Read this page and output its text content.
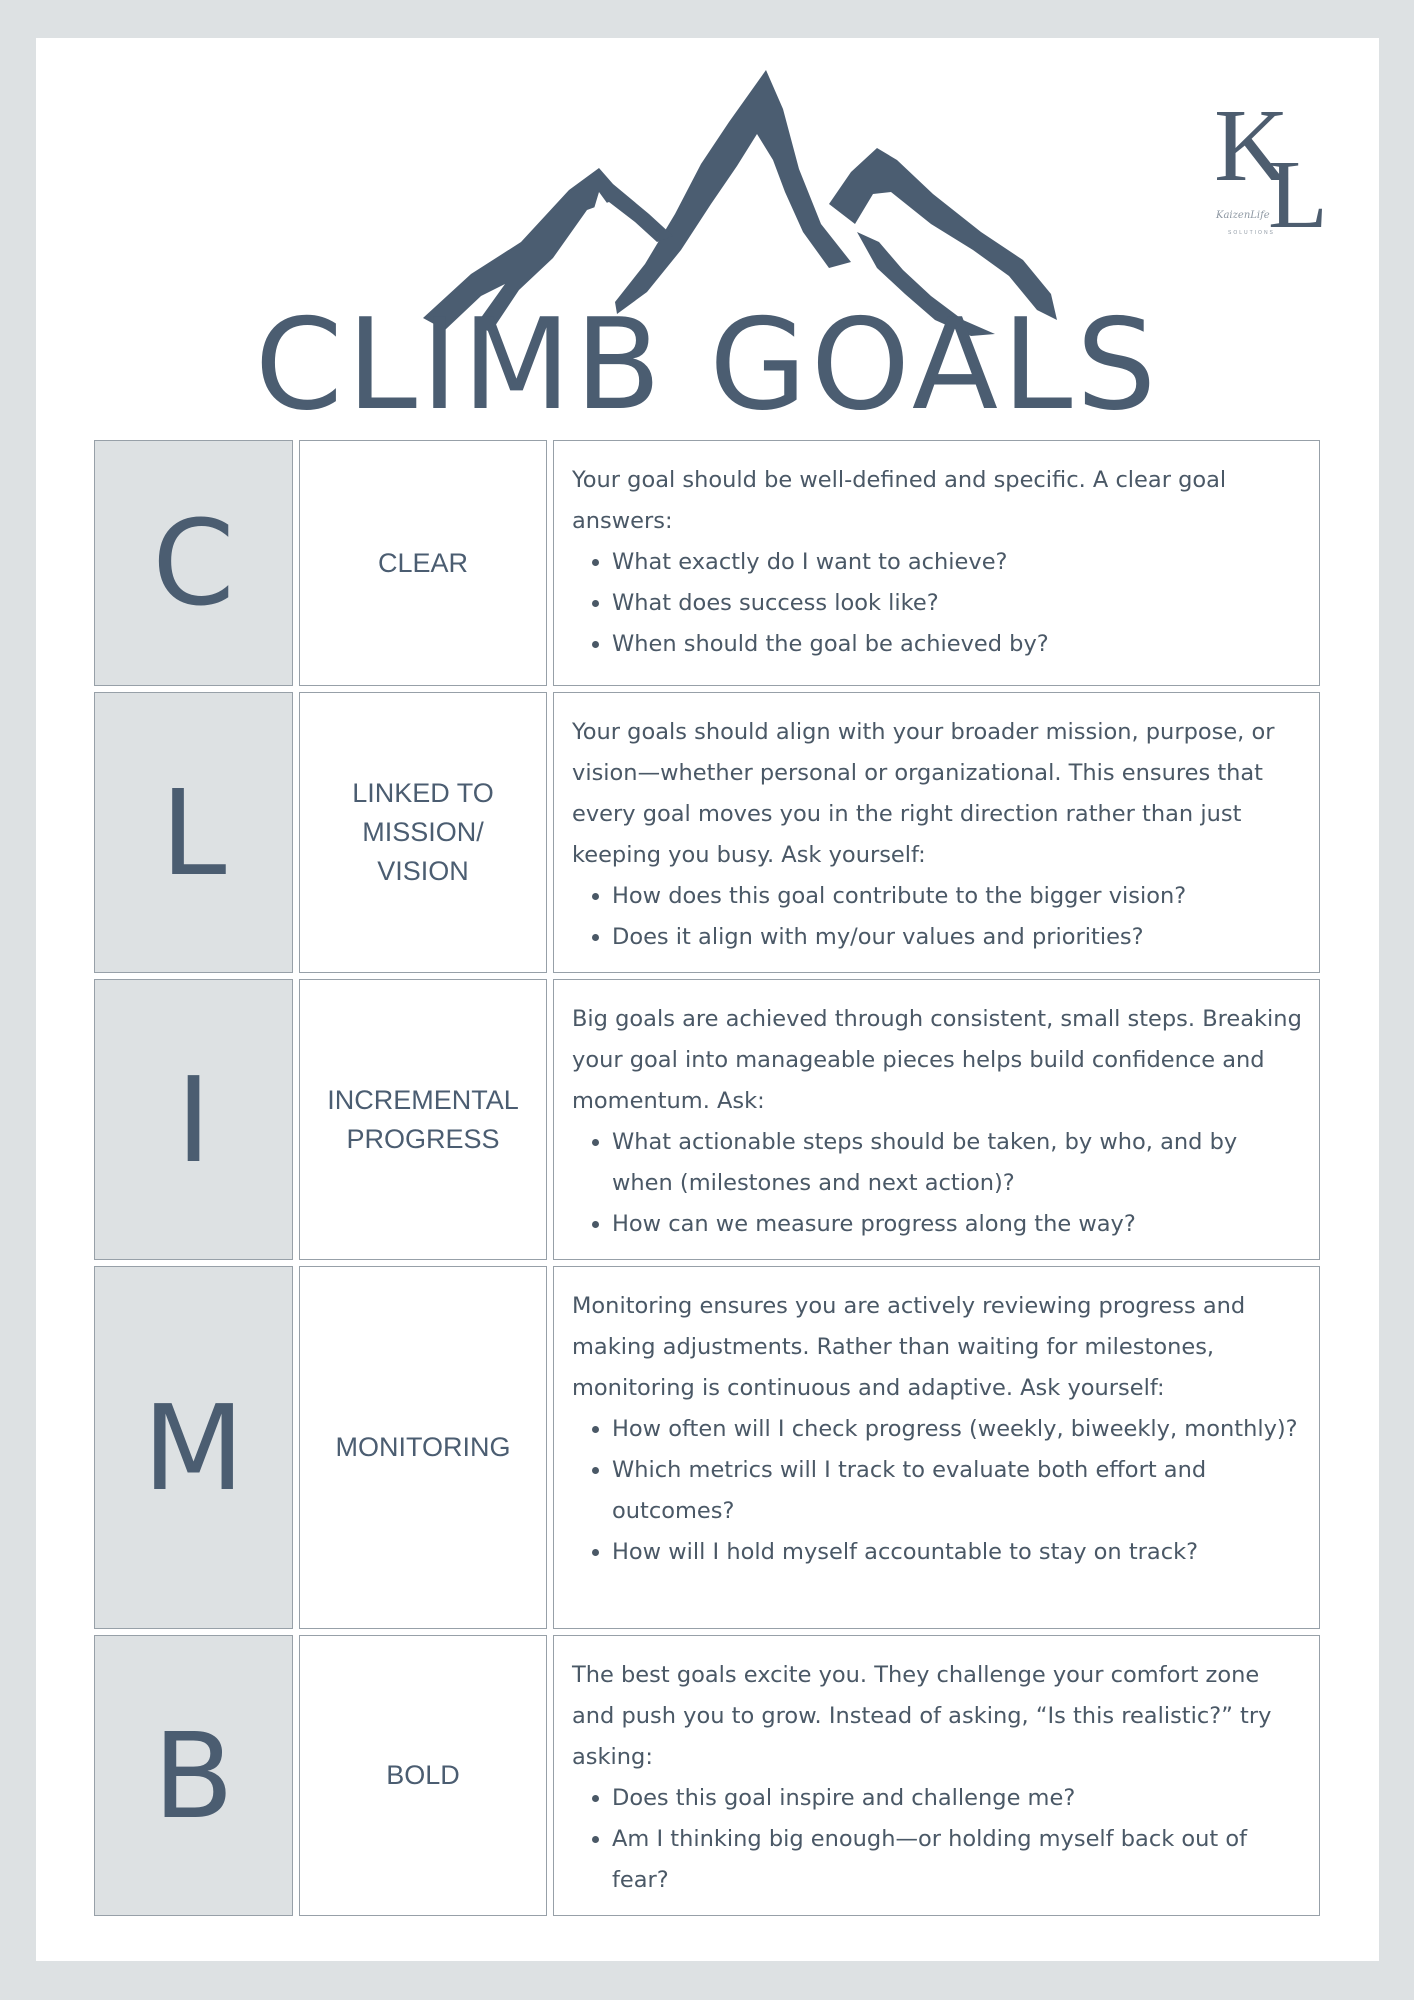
K
L
KaizenLife
SOLUTIONS
CLIMB GOALS
C	CLEAR

Your goal should be well-defined and specific. A clear goal answers:

• What exactly do I want to achieve?
• What does success look like?
• When should the goal be achieved by?
L	LINKED TO MISSION/ VISION

Your goals should align with your broader mission, purpose, or vision—whether personal or organizational. This ensures that every goal moves you in the right direction rather than just keeping you busy. Ask yourself:

• How does this goal contribute to the bigger vision?
• Does it align with my/our values and priorities?
I	INCREMENTAL PROGRESS

Big goals are achieved through consistent, small steps. Breaking your goal into manageable pieces helps build confidence and momentum. Ask:

• What actionable steps should be taken, by who, and by when (milestones and next action)?
• How can we measure progress along the way?
M	MONITORING

Monitoring ensures you are actively reviewing progress and making adjustments. Rather than waiting for milestones, monitoring is continuous and adaptive. Ask yourself:

• How often will I check progress (weekly, biweekly, monthly)?
• Which metrics will I track to evaluate both effort and outcomes?
• How will I hold myself accountable to stay on track?
B	BOLD

The best goals excite you. They challenge your comfort zone and push you to grow. Instead of asking, “Is this realistic?” try asking:

• Does this goal inspire and challenge me?
• Am I thinking big enough—or holding myself back out of fear?
